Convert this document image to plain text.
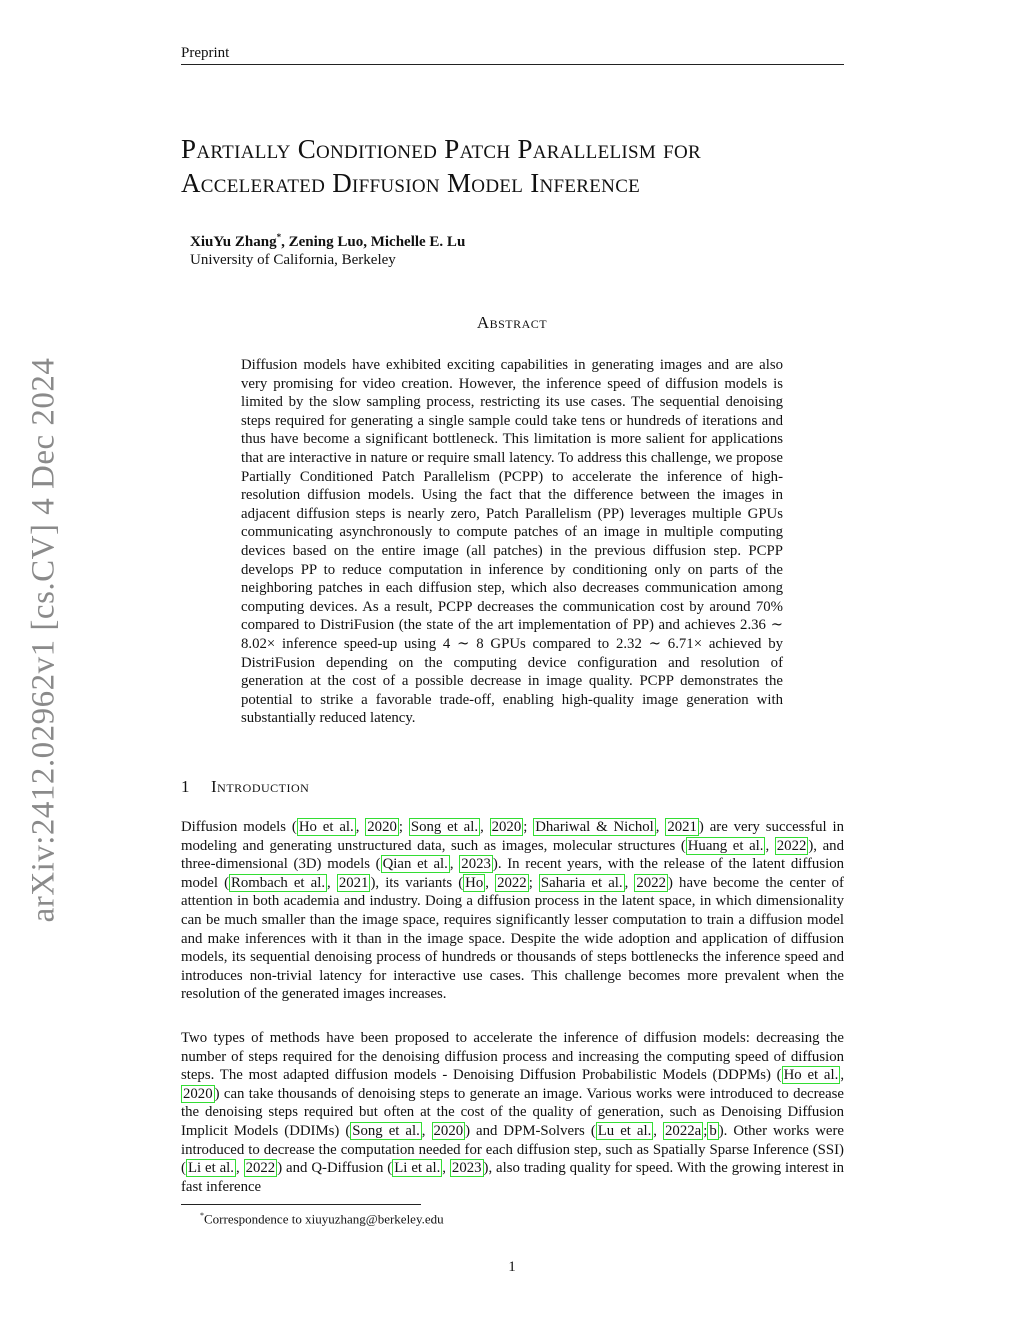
Preprint
arXiv:2412.02962v1 [cs.CV] 4 Dec 2024
Partially Conditioned Patch Parallelism for
Accelerated Diffusion Model Inference
XiuYu Zhang*, Zening Luo, Michelle E. Lu
University of California, Berkeley
Abstract

Diffusion models have exhibited exciting capabilities in generating images and are also very promising for video creation. However, the inference speed of diffusion models is limited by the slow sampling process, restricting its use cases. The sequential denoising steps required for generating a single sample could take tens or hundreds of iterations and thus have become a significant bottleneck. This limitation is more salient for applications that are interactive in nature or require small latency. To address this challenge, we propose Partially Conditioned Patch Parallelism (PCPP) to accelerate the inference of high-resolution diffusion models. Using the fact that the difference between the images in adjacent diffusion steps is nearly zero, Patch Parallelism (PP) leverages multiple GPUs communicating asynchronously to compute patches of an image in multiple computing devices based on the entire image (all patches) in the previous diffusion step. PCPP develops PP to reduce computation in inference by conditioning only on parts of the neighboring patches in each diffusion step, which also decreases communication among computing devices. As a result, PCPP decreases the communication cost by around 70% compared to DistriFusion (the state of the art implementation of PP) and achieves 2.36 ∼ 8.02× inference speed-up using 4 ∼ 8 GPUs compared to 2.32 ∼ 6.71× achieved by DistriFusion depending on the computing device configuration and resolution of generation at the cost of a possible decrease in image quality. PCPP demonstrates the potential to strike a favorable trade-off, enabling high-quality image generation with substantially reduced latency.

1 Introduction

Diffusion models ( Ho et al. , 2020 ; Song et al. , 2020 ; Dhariwal & Nichol , 2021 ) are very successful in modeling and generating unstructured data, such as images, molecular structures ( Huang et al. , 2022 ), and three-dimensional (3D) models ( Qian et al. , 2023 ). In recent years, with the release of the latent diffusion model ( Rombach et al. , 2021 ), its variants ( Ho , 2022 ; Saharia et al. , 2022 ) have become the center of attention in both academia and industry. Doing a diffusion process in the latent space, in which dimensionality can be much smaller than the image space, requires significantly lesser computation to train a diffusion model and make inferences with it than in the image space. Despite the wide adoption and application of diffusion models, its sequential denoising process of hundreds or thousands of steps bottlenecks the inference speed and introduces non-trivial latency for interactive use cases. This challenge becomes more prevalent when the resolution of the generated images increases.

Two types of methods have been proposed to accelerate the inference of diffusion models: decreasing the number of steps required for the denoising diffusion process and increasing the computing speed of diffusion steps. The most adapted diffusion models - Denoising Diffusion Probabilistic Models (DDPMs) ( Ho et al. , 2020 ) can take thousands of denoising steps to generate an image. Various works were introduced to decrease the denoising steps required but often at the cost of the quality of generation, such as Denoising Diffusion Implicit Models (DDIMs) ( Song et al. , 2020 ) and DPM-Solvers ( Lu et al. , 2022a ; b ). Other works were introduced to decrease the computation needed for each diffusion step, such as Spatially Sparse Inference (SSI) ( Li et al. , 2022 ) and Q-Diffusion ( Li et al. , 2023 ), also trading quality for speed. With the growing interest in fast inference

*Correspondence to xiuyuzhang@berkeley.edu
1
